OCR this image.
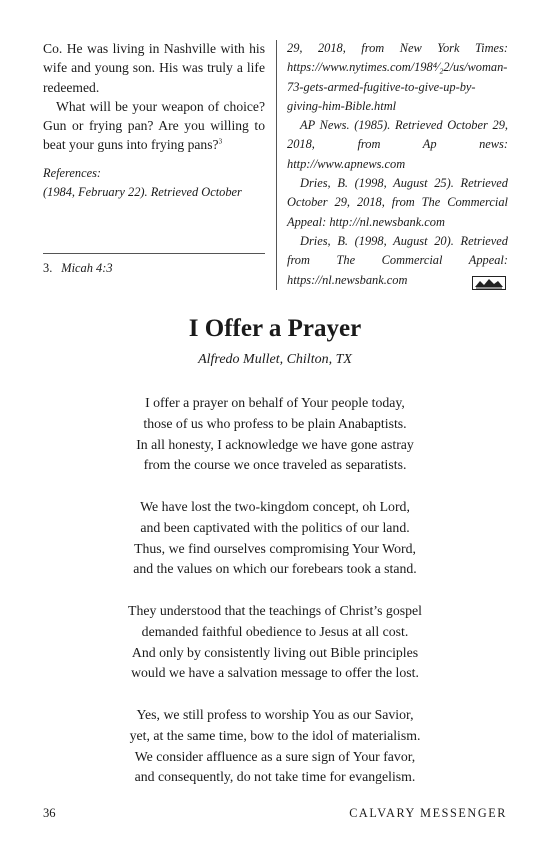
Co. He was living in Nashville with his wife and young son. His was truly a life redeemed.

What will be your weapon of choice? Gun or frying pan? Are you willing to beat your guns into frying pans?$^3$

References:
(1984, February 22). Retrieved October
3. Micah 4:3

29, 2018, from New York Times: https://www.nytimes.com/198⁴⁄₂2/us/woman-73-gets-armed-fugitive-to-give-up-by-giving-him-Bible.html

AP News. (1985). Retrieved October 29, 2018, from Ap news: http://www.apnews.com

Dries, B. (1998, August 25). Retrieved October 29, 2018, from The Commercial Appeal: http://nl.newsbank.com

Dries, B. (1998, August 20). Retrieved from The Commercial Appeal: https://nl.newsbank.com

I Offer a Prayer
Alfredo Mullet, Chilton, TX
I offer a prayer on behalf of Your people today,
those of us who profess to be plain Anabaptists.
In all honesty, I acknowledge we have gone astray
from the course we once traveled as separatists.
We have lost the two-kingdom concept, oh Lord,
and been captivated with the politics of our land.
Thus, we find ourselves compromising Your Word,
and the values on which our forebears took a stand.
They understood that the teachings of Christ’s gospel
demanded faithful obedience to Jesus at all cost.
And only by consistently living out Bible principles
would we have a salvation message to offer the lost.
Yes, we still profess to worship You as our Savior,
yet, at the same time, bow to the idol of materialism.
We consider affluence as a sure sign of Your favor,
and consequently, do not take time for evangelism.
36	CALVARY MESSENGER
